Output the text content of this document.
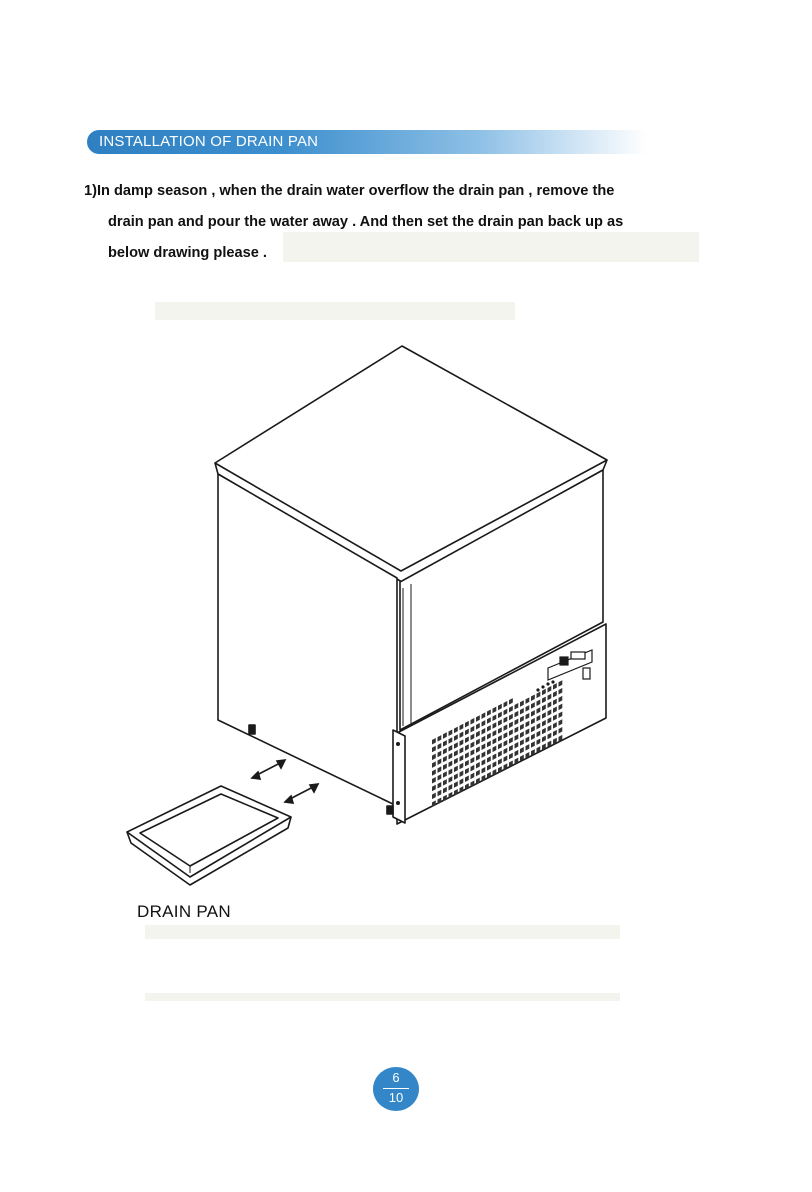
INSTALLATION OF DRAIN PAN

1)In damp season , when the drain water overflow the drain pan , remove the

drain pan and pour the water away . And then set the drain pan back up as

below drawing please .

DRAIN PAN
6
10
